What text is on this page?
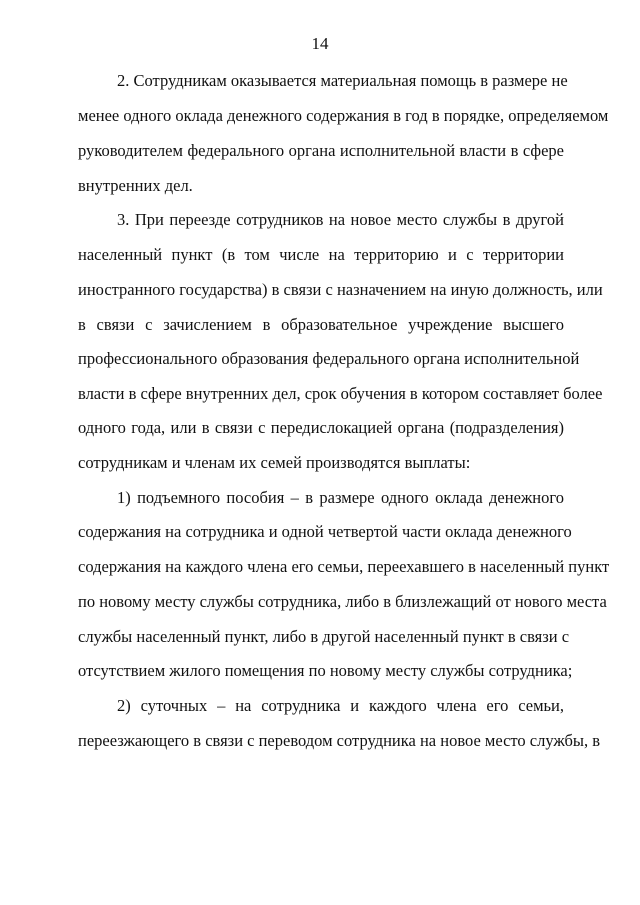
14
2. Сотрудникам оказывается материальная помощь в размере не
менее одного оклада денежного содержания в год в порядке, определяемом
руководителем федерального органа исполнительной власти в сфере
внутренних дел.
3. При переезде сотрудников на новое место службы в другой
населенный пункт (в том числе на территорию и с территории
иностранного государства) в связи с назначением на иную должность, или
в связи с зачислением в образовательное учреждение высшего
профессионального образования федерального органа исполнительной
власти в сфере внутренних дел, срок обучения в котором составляет более
одного года, или в связи с передислокацией органа (подразделения)
сотрудникам и членам их семей производятся выплаты:
1) подъемного пособия – в размере одного оклада денежного
содержания на сотрудника и одной четвертой части оклада денежного
содержания на каждого члена его семьи, переехавшего в населенный пункт
по новому месту службы сотрудника, либо в близлежащий от нового места
службы населенный пункт, либо в другой населенный пункт в связи с
отсутствием жилого помещения по новому месту службы сотрудника;
2) суточных – на сотрудника и каждого члена его семьи,
переезжающего в связи с переводом сотрудника на новое место службы, в
